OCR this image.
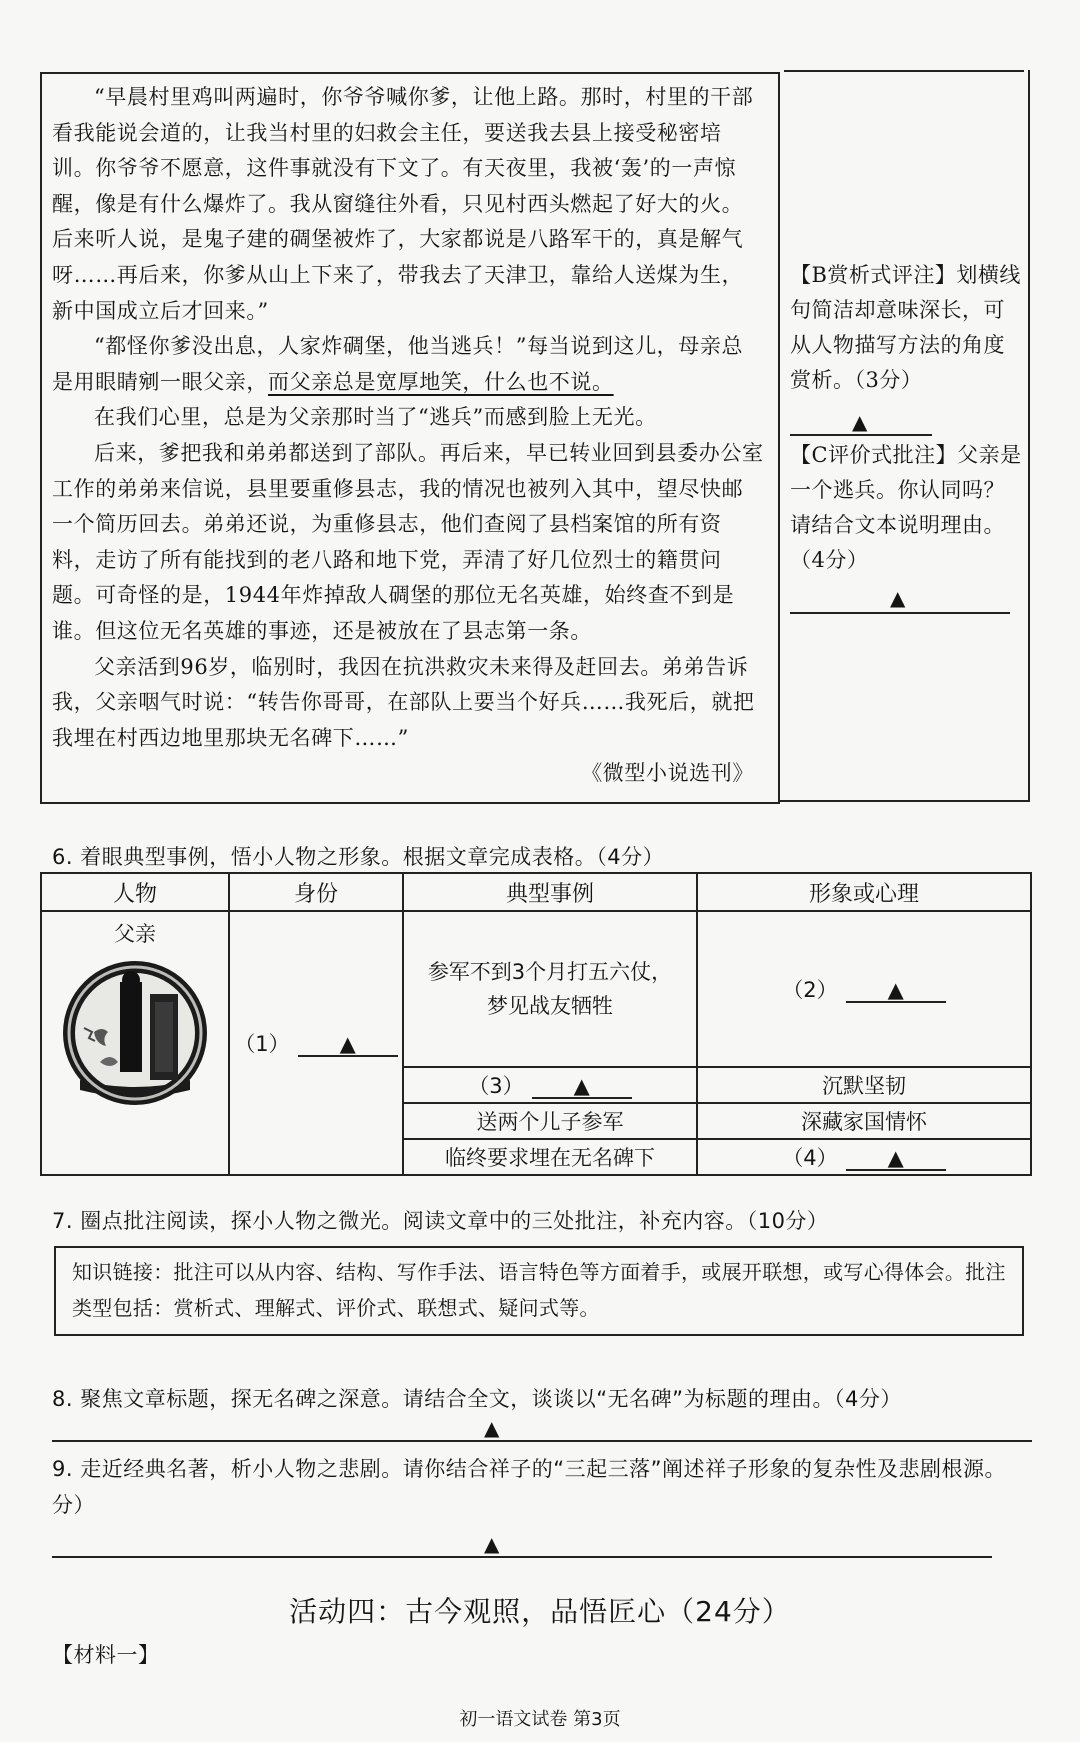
“早晨村里鸡叫两遍时，你爷爷喊你爹，让他上路。那时，村里的干部看我能说会道的，让我当村里的妇救会主任，要送我去县上接受秘密培训。你爷爷不愿意，这件事就没有下文了。有天夜里，我被‘轰’的一声惊醒，像是有什么爆炸了。我从窗缝往外看，只见村西头燃起了好大的火。后来听人说，是鬼子建的碉堡被炸了，大家都说是八路军干的，真是解气呀……再后来，你爹从山上下来了，带我去了天津卫，靠给人送煤为生，新中国成立后才回来。”

“都怪你爹没出息，人家炸碉堡，他当逃兵！”每当说到这儿，母亲总是用眼睛剜一眼父亲，而父亲总是宽厚地笑，什么也不说。

在我们心里，总是为父亲那时当了“逃兵”而感到脸上无光。

后来，爹把我和弟弟都送到了部队。再后来，早已转业回到县委办公室工作的弟弟来信说，县里要重修县志，我的情况也被列入其中，望尽快邮一个简历回去。弟弟还说，为重修县志，他们查阅了县档案馆的所有资料，走访了所有能找到的老八路和地下党，弄清了好几位烈士的籍贯问题。可奇怪的是，1944年炸掉敌人碉堡的那位无名英雄，始终查不到是谁。但这位无名英雄的事迹，还是被放在了县志第一条。

父亲活到96岁，临别时，我因在抗洪救灾未来得及赶回去。弟弟告诉我，父亲咽气时说：“转告你哥哥，在部队上要当个好兵……我死后，就把我埋在村西边地里那块无名碑下……”

《微型小说选刊》

【B赏析式评注】划横线句简洁却意味深长，可从人物描写方法的角度赏析。（3分）
▲
【C评价式批注】父亲是一个逃兵。你认同吗？请结合文本说明理由。（4分）
▲
6. 着眼典型事例，悟小人物之形象。根据文章完成表格。（4分）
人物	身份	典型事例	形象或心理

父亲	（1） ▲	参军不到3个月打五六仗，梦见战友牺牲	（2） ▲
		（3） ▲	沉默坚韧
		送两个儿子参军	深藏家国情怀
		临终要求埋在无名碑下	（4） ▲
7. 圈点批注阅读，探小人物之微光。阅读文章中的三处批注，补充内容。（10分）
知识链接：批注可以从内容、结构、写作手法、语言特色等方面着手，或展开联想，或写心得体会。批注类型包括：赏析式、理解式、评价式、联想式、疑问式等。
8. 聚焦文章标题，探无名碑之深意。请结合全文，谈谈以“无名碑”为标题的理由。（4分）
▲
9. 走近经典名著，析小人物之悲剧。请你结合祥子的“三起三落”阐述祥子形象的复杂性及悲剧根源。
分）
▲
活动四：古今观照，品悟匠心（24分）
【材料一】
初一语文试卷 第3页
